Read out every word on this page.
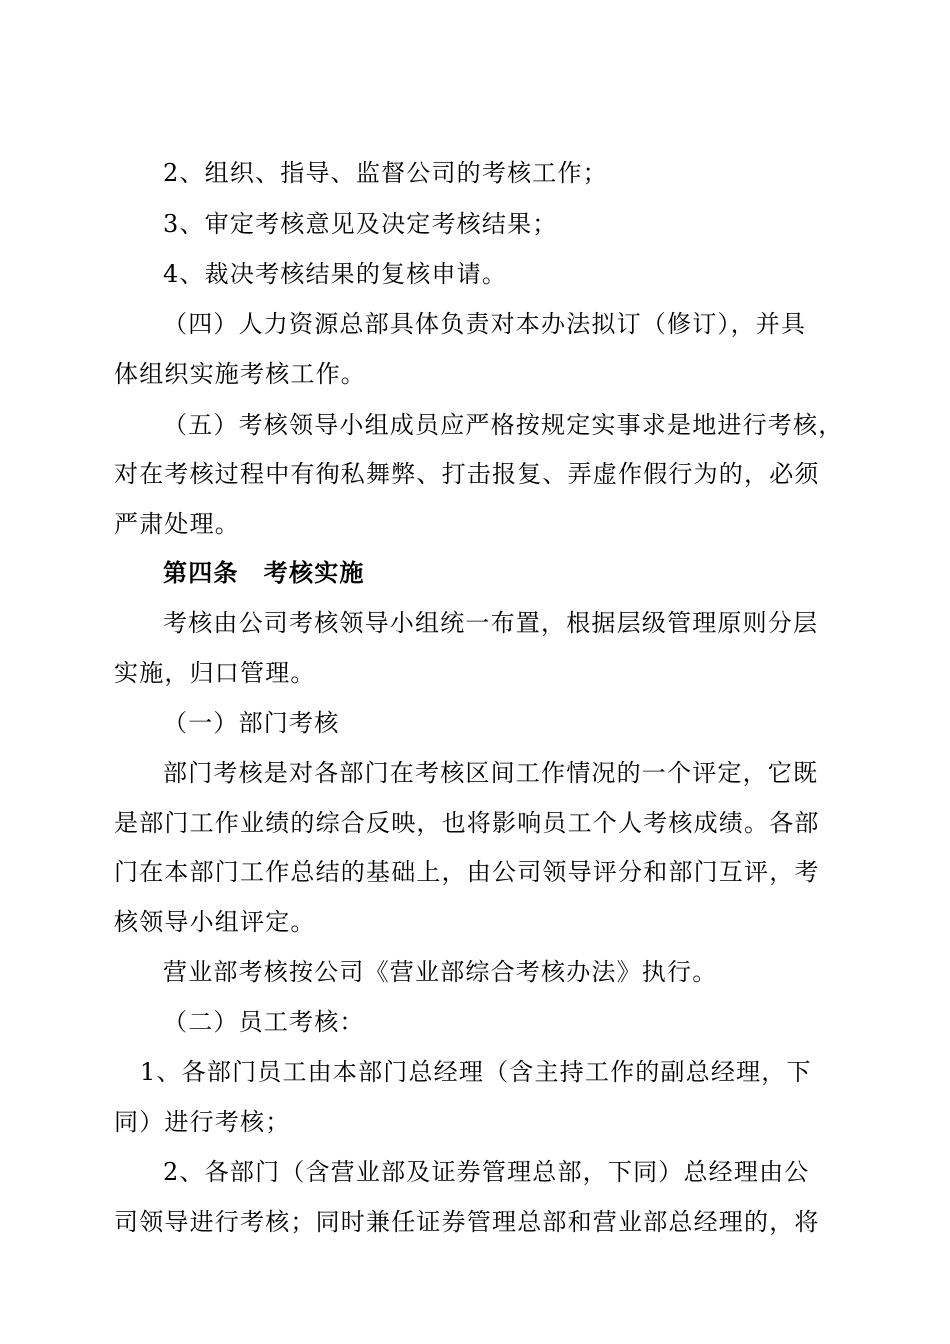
2、组织、指导、监督公司的考核工作；
3、审定考核意见及决定考核结果；
4、裁决考核结果的复核申请。
（四）人力资源总部具体负责对本办法拟订（修订），并具
体组织实施考核工作。
（五）考核领导小组成员应严格按规定实事求是地进行考核，
对在考核过程中有徇私舞弊、打击报复、弄虚作假行为的，必须
严肃处理。
第四条　考核实施
考核由公司考核领导小组统一布置，根据层级管理原则分层
实施，归口管理。
（一）部门考核
部门考核是对各部门在考核区间工作情况的一个评定，它既
是部门工作业绩的综合反映，也将影响员工个人考核成绩。各部
门在本部门工作总结的基础上，由公司领导评分和部门互评，考
核领导小组评定。
营业部考核按公司《营业部综合考核办法》执行。
（二）员工考核：
1、各部门员工由本部门总经理（含主持工作的副总经理，下
同）进行考核；
2、各部门（含营业部及证券管理总部，下同）总经理由公
司领导进行考核；同时兼任证券管理总部和营业部总经理的，将
